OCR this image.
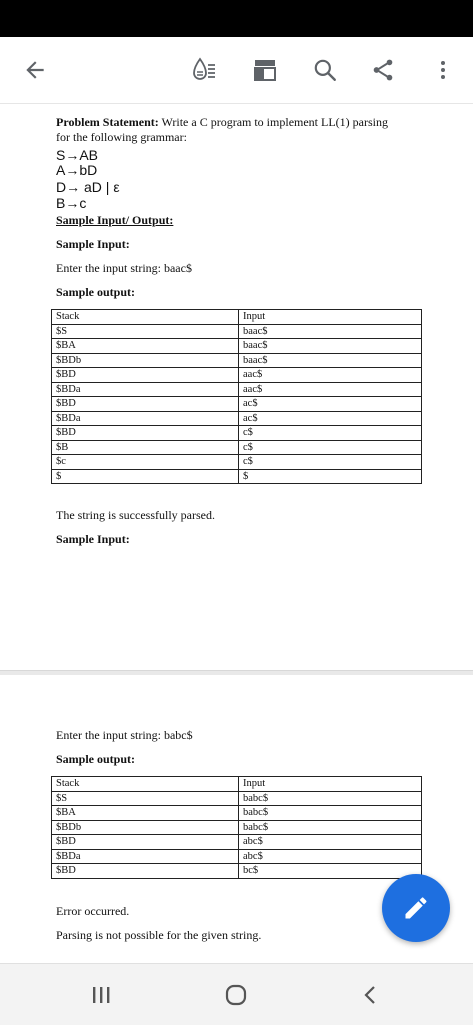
Problem Statement: Write a C program to implement LL(1) parsing
for the following grammar:
S→AB
A→bD
D→ aD | ε
B→c
Sample Input/ Output:
Sample Input:
Enter the input string: baac$
Sample output:
Stack	Input
$S	baac$
$BA	baac$
$BDb	baac$
$BD	aac$
$BDa	aac$
$BD	ac$
$BDa	ac$
$BD	c$
$B	c$
$c	c$
$	$
The string is successfully parsed.
Sample Input:
Enter the input string: babc$
Sample output:
Stack	Input
$S	babc$
$BA	babc$
$BDb	babc$
$BD	abc$
$BDa	abc$
$BD	bc$
Error occurred.
Parsing is not possible for the given string.
